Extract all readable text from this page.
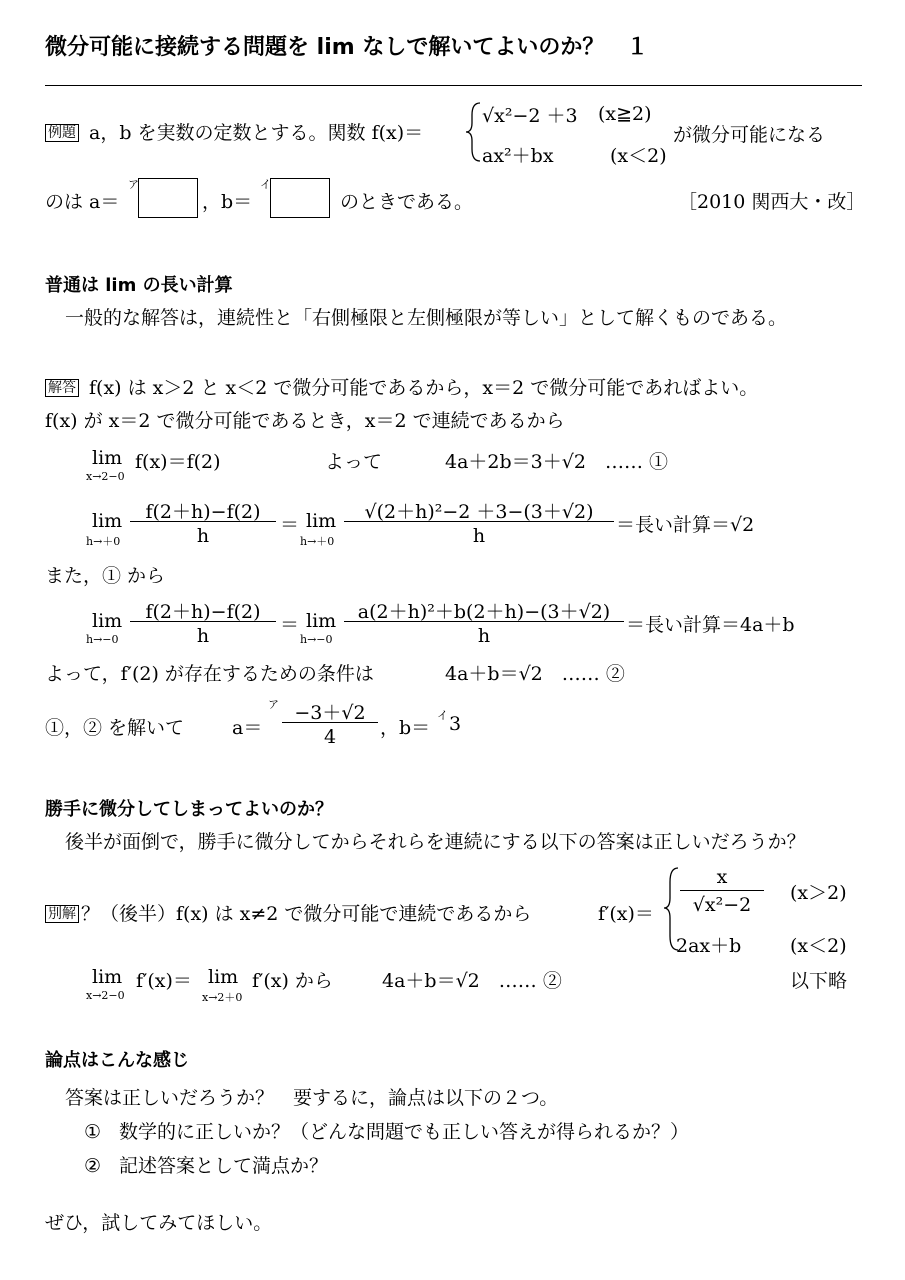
微分可能に接続する問題を lim なしで解いてよいのか？　１
例題 a，b を実数の定数とする。関数 f(x)＝
√x²−2 ＋3 (x≧2)
ax²＋bx	(x＜2)
が微分可能になる
のは a＝
ア
，b＝
イ
のときである。	［2010 関西大・改］
普通は lim の長い計算
一般的な解答は，連続性と「右側極限と左側極限が等しい」として解くものである。
解答 f(x) は x＞2 と x＜2 で微分可能であるから，x＝2 で微分可能であればよい。
f(x) が x＝2 で微分可能であるとき，x＝2 で連続であるから
lim
x→2−0
f(x)＝f(2)	よって	4a＋2b＝3＋√2　…… ①
lim
h→＋0
f(2＋h)−f(2)
h	＝ lim
h→＋0
√(2＋h)²−2 ＋3−(3＋√2)
h	＝長い計算＝√2
また，① から
lim
h→−0
f(2＋h)−f(2)
h	＝ lim
h→−0
a(2＋h)²＋b(2＋h)−(3＋√2)
h	＝長い計算＝4a＋b
よって，f′(2) が存在するための条件は	4a＋b＝√2　…… ②
①，② を解いて	a＝
ア −3＋√2
4	，b＝
イ 3
勝手に微分してしまってよいのか？
後半が面倒で，勝手に微分してからそれらを連続にする以下の答案は正しいだろうか？
別解 ？（後半）f(x) は x≠2 で微分可能で連続であるから	f′(x)＝
x
√x²−2
(x＞2)
2ax＋b	(x＜2)
lim
x→2−0
f′(x)＝ lim
x→2＋0
f′(x) から	4a＋b＝√2　…… ②	以下略
論点はこんな感じ
答案は正しいだろうか？　要するに，論点は以下の２つ。
① 数学的に正しいか？（どんな問題でも正しい答えが得られるか？）
② 記述答案として満点か？
ぜひ，試してみてほしい。
